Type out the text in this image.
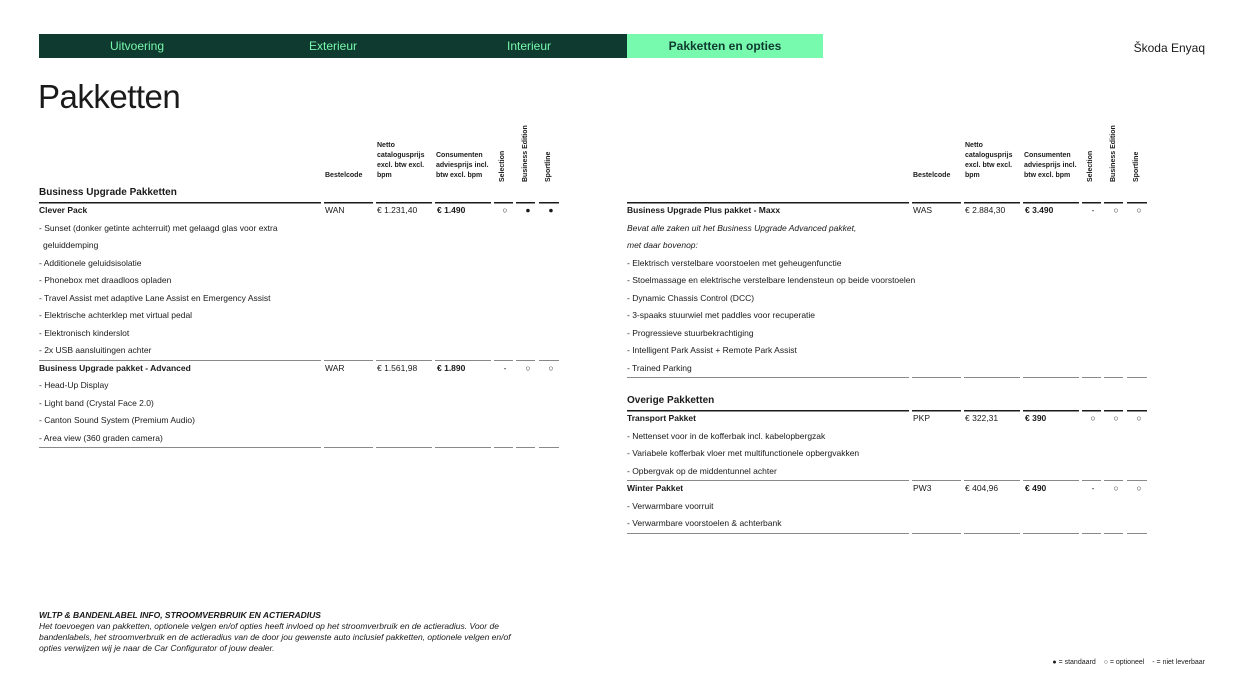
Uitvoering	Exterieur	Interieur	Pakketten en opties	Škoda Enyaq
Pakketten
Bestelcode
Netto catalogusprijs excl. btw excl. bpm
Consumenten adviesprijs incl. btw excl. bpm	Selection Business Edition Sportline
Business Upgrade Pakketten
Clever Pack	WAN	€ 1.231,40 € 1.490	○	●	●
- Sunset (donker getinte achterruit) met gelaagd glas voor extra
geluiddemping
- Additionele geluidsisolatie
- Phonebox met draadloos opladen
- Travel Assist met adaptive Lane Assist en Emergency Assist
- Elektrische achterklep met virtual pedal
- Elektronisch kinderslot
- 2x USB aansluitingen achter
Business Upgrade pakket - Advanced	WAR	€ 1.561,98 € 1.890	-	○	○
- Head-Up Display
- Light band (Crystal Face 2.0)
- Canton Sound System (Premium Audio)
- Area view (360 graden camera)
Bestelcode
Netto catalogusprijs excl. btw excl. bpm
Consumenten adviesprijs incl. btw excl. bpm	Selection Business Edition Sportline
Business Upgrade Plus pakket - Maxx	WAS	€ 2.884,30 € 3.490	-	○	○
Bevat alle zaken uit het Business Upgrade Advanced pakket,
met daar bovenop:
- Elektrisch verstelbare voorstoelen met geheugenfunctie
- Stoelmassage en elektrische verstelbare lendensteun op beide voorstoelen
- Dynamic Chassis Control (DCC)
- 3-spaaks stuurwiel met paddles voor recuperatie
- Progressieve stuurbekrachtiging
- Intelligent Park Assist + Remote Park Assist
- Trained Parking
Overige Pakketten
Transport Pakket	PKP	€ 322,31	€ 390	○	○	○
- Nettenset voor in de kofferbak incl. kabelopbergzak
- Variabele kofferbak vloer met multifunctionele opbergvakken
- Opbergvak op de middentunnel achter
Winter Pakket	PW3	€ 404,96	€ 490	-	○	○
- Verwarmbare voorruit
- Verwarmbare voorstoelen & achterbank
WLTP & BANDENLABEL INFO, STROOMVERBRUIK EN ACTIERADIUS
Het toevoegen van pakketten, optionele velgen en/of opties heeft invloed op het stroomverbruik en de actieradius. Voor de bandenlabels, het stroomverbruik en de actieradius van de door jou gewenste auto inclusief pakketten, optionele velgen en/of opties verwijzen wij je naar de Car Configurator of jouw dealer.
● = standaard ○ = optioneel - = niet leverbaar
